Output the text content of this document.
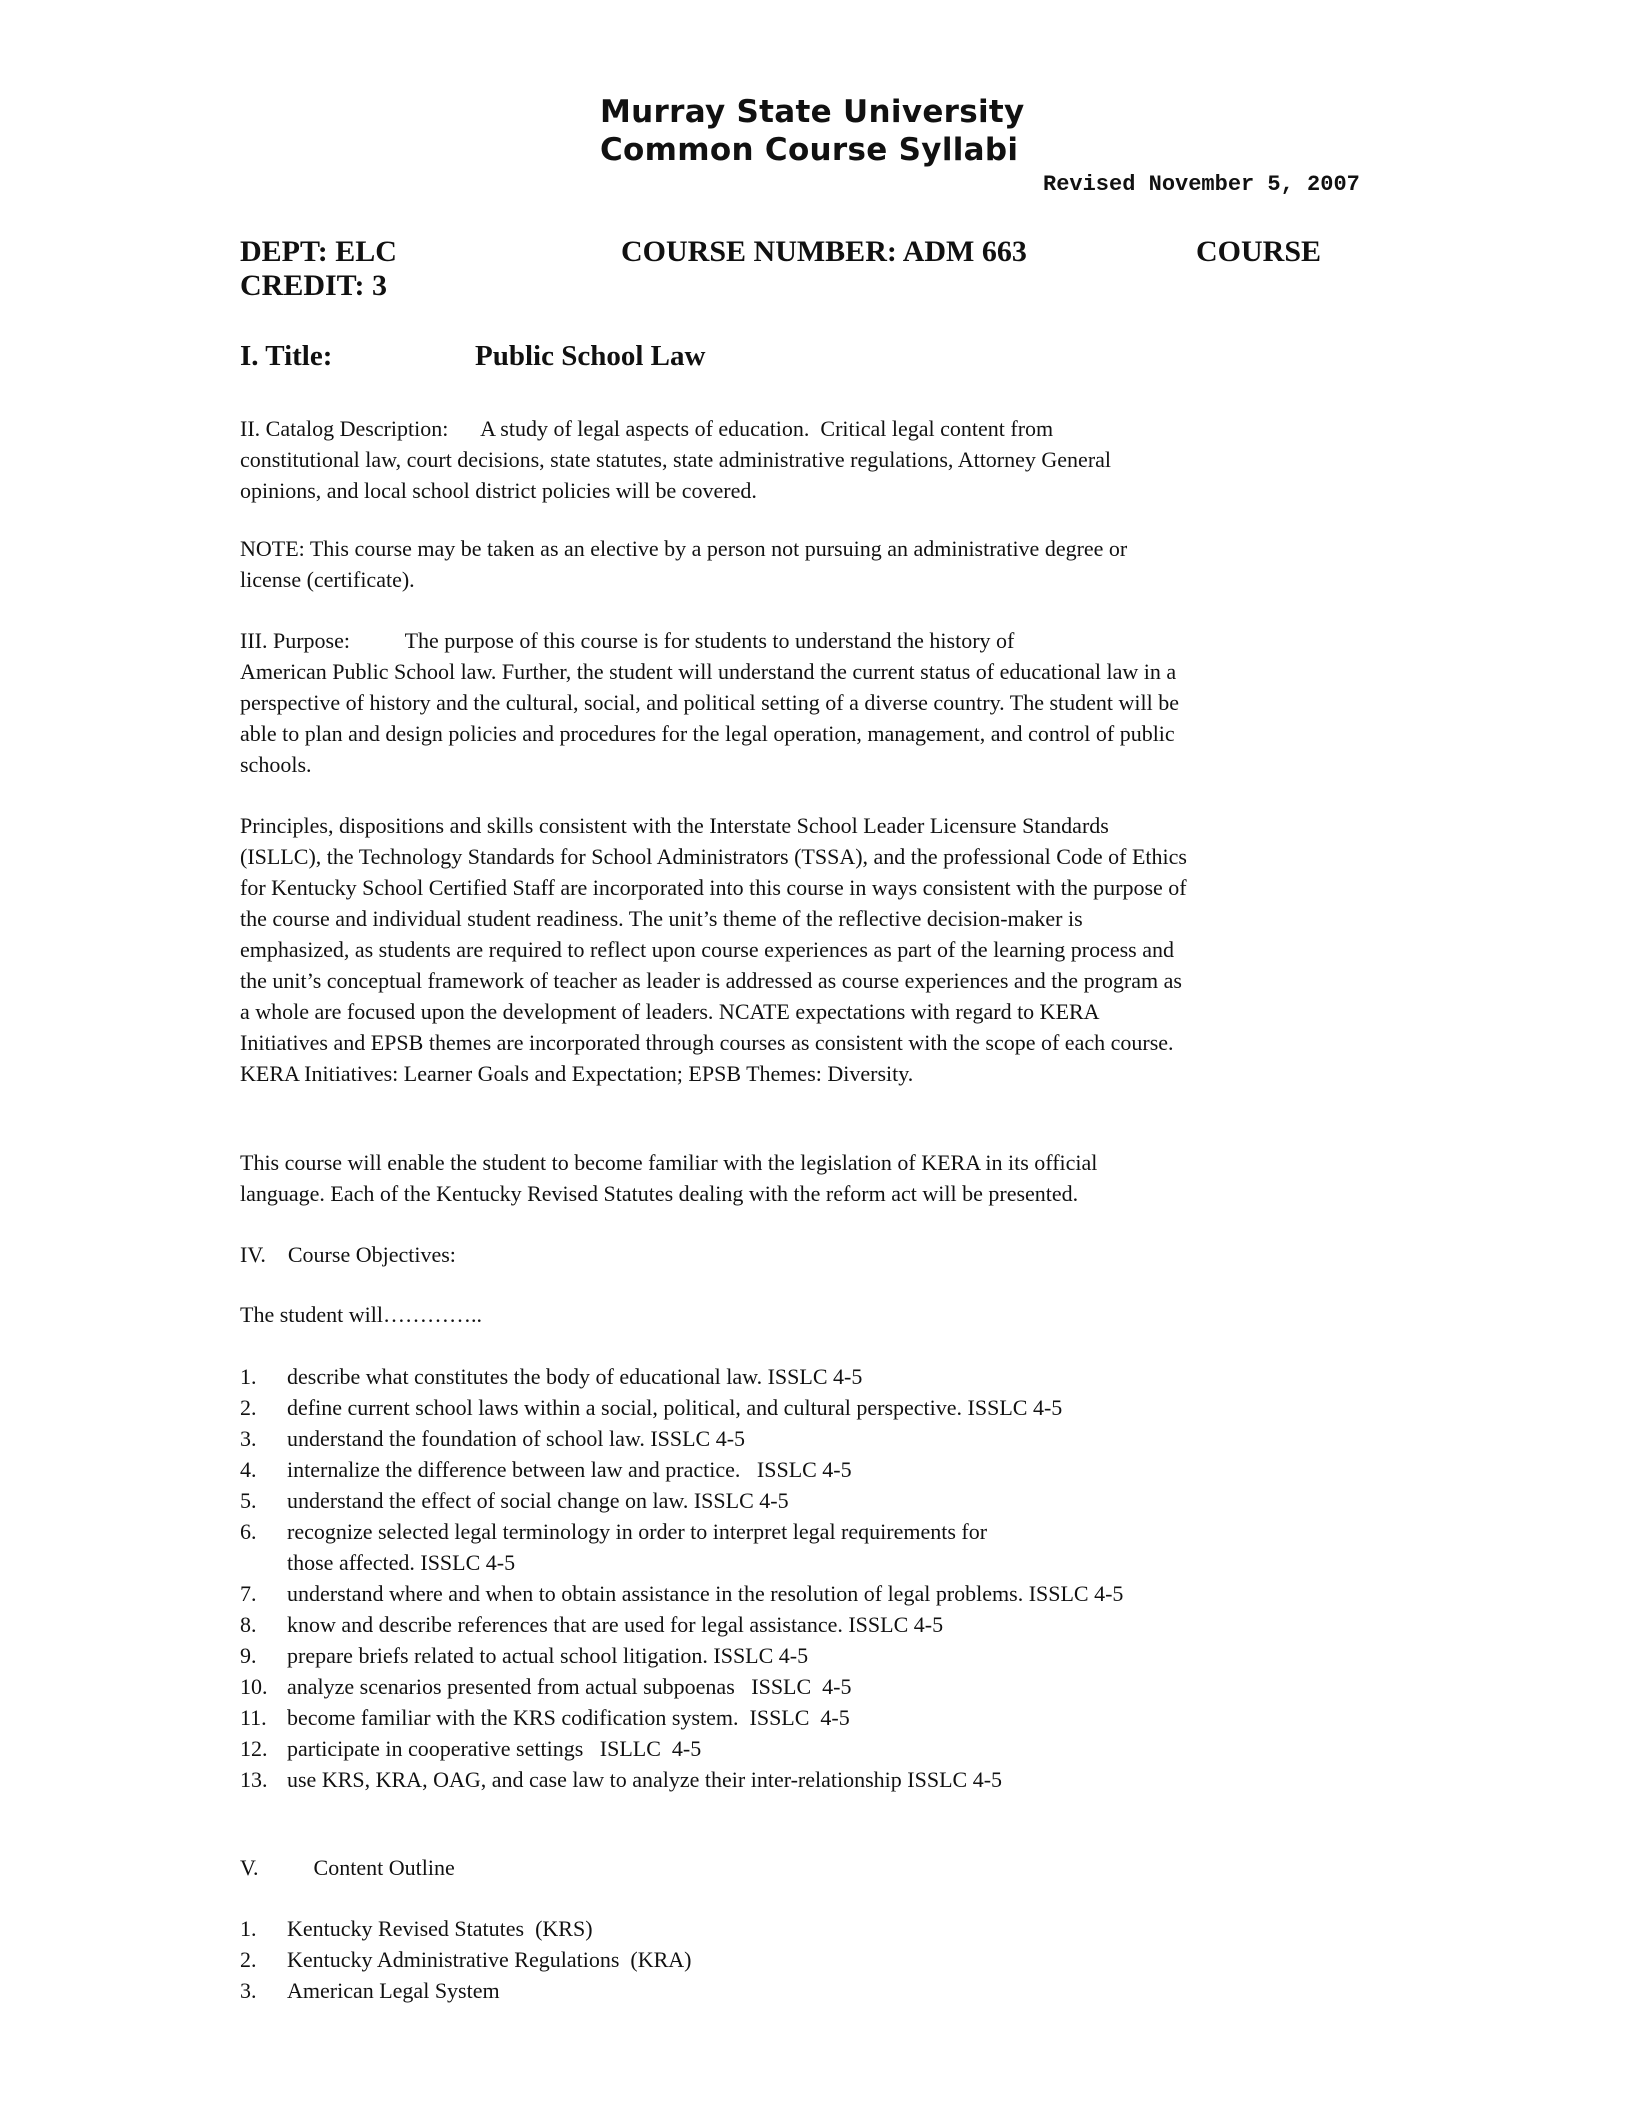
Murray State University
Common Course Syllabi
Revised November 5, 2007
DEPT: ELC	COURSE NUMBER: ADM 663	COURSE
CREDIT: 3
I. Title:	Public School Law
II. Catalog Description:      A study of legal aspects of education.  Critical legal content from
constitutional law, court decisions, state statutes, state administrative regulations, Attorney General
opinions, and local school district policies will be covered.
NOTE: This course may be taken as an elective by a person not pursuing an administrative degree or
license (certificate).
III. Purpose:          The purpose of this course is for students to understand the history of
American Public School law. Further, the student will understand the current status of educational law in a
perspective of history and the cultural, social, and political setting of a diverse country. The student will be
able to plan and design policies and procedures for the legal operation, management, and control of public
schools.
Principles, dispositions and skills consistent with the Interstate School Leader Licensure Standards
(ISLLC), the Technology Standards for School Administrators (TSSA), and the professional Code of Ethics
for Kentucky School Certified Staff are incorporated into this course in ways consistent with the purpose of
the course and individual student readiness. The unit’s theme of the reflective decision-maker is
emphasized, as students are required to reflect upon course experiences as part of the learning process and
the unit’s conceptual framework of teacher as leader is addressed as course experiences and the program as
a whole are focused upon the development of leaders. NCATE expectations with regard to KERA
Initiatives and EPSB themes are incorporated through courses as consistent with the scope of each course.
KERA Initiatives: Learner Goals and Expectation; EPSB Themes: Diversity.
This course will enable the student to become familiar with the legislation of KERA in its official
language. Each of the Kentucky Revised Statutes dealing with the reform act will be presented.
IV.    Course Objectives:
The student will…………..
1.	describe what constitutes the body of educational law. ISSLC 4-5
2.	define current school laws within a social, political, and cultural perspective. ISSLC 4-5
3.	understand the foundation of school law. ISSLC 4-5
4.	internalize the difference between law and practice.   ISSLC 4-5
5.	understand the effect of social change on law. ISSLC 4-5
6.	recognize selected legal terminology in order to interpret legal requirements for
those affected. ISSLC 4-5
7.	understand where and when to obtain assistance in the resolution of legal problems. ISSLC 4-5
8.	know and describe references that are used for legal assistance. ISSLC 4-5
9.	prepare briefs related to actual school litigation. ISSLC 4-5
10. analyze scenarios presented from actual subpoenas   ISSLC  4-5
11. become familiar with the KRS codification system.  ISSLC  4-5
12. participate in cooperative settings   ISLLC  4-5
13. use KRS, KRA, OAG, and case law to analyze their inter-relationship ISSLC 4-5
V.          Content Outline
1.	Kentucky Revised Statutes  (KRS)
2.	Kentucky Administrative Regulations  (KRA)
3.	American Legal System
